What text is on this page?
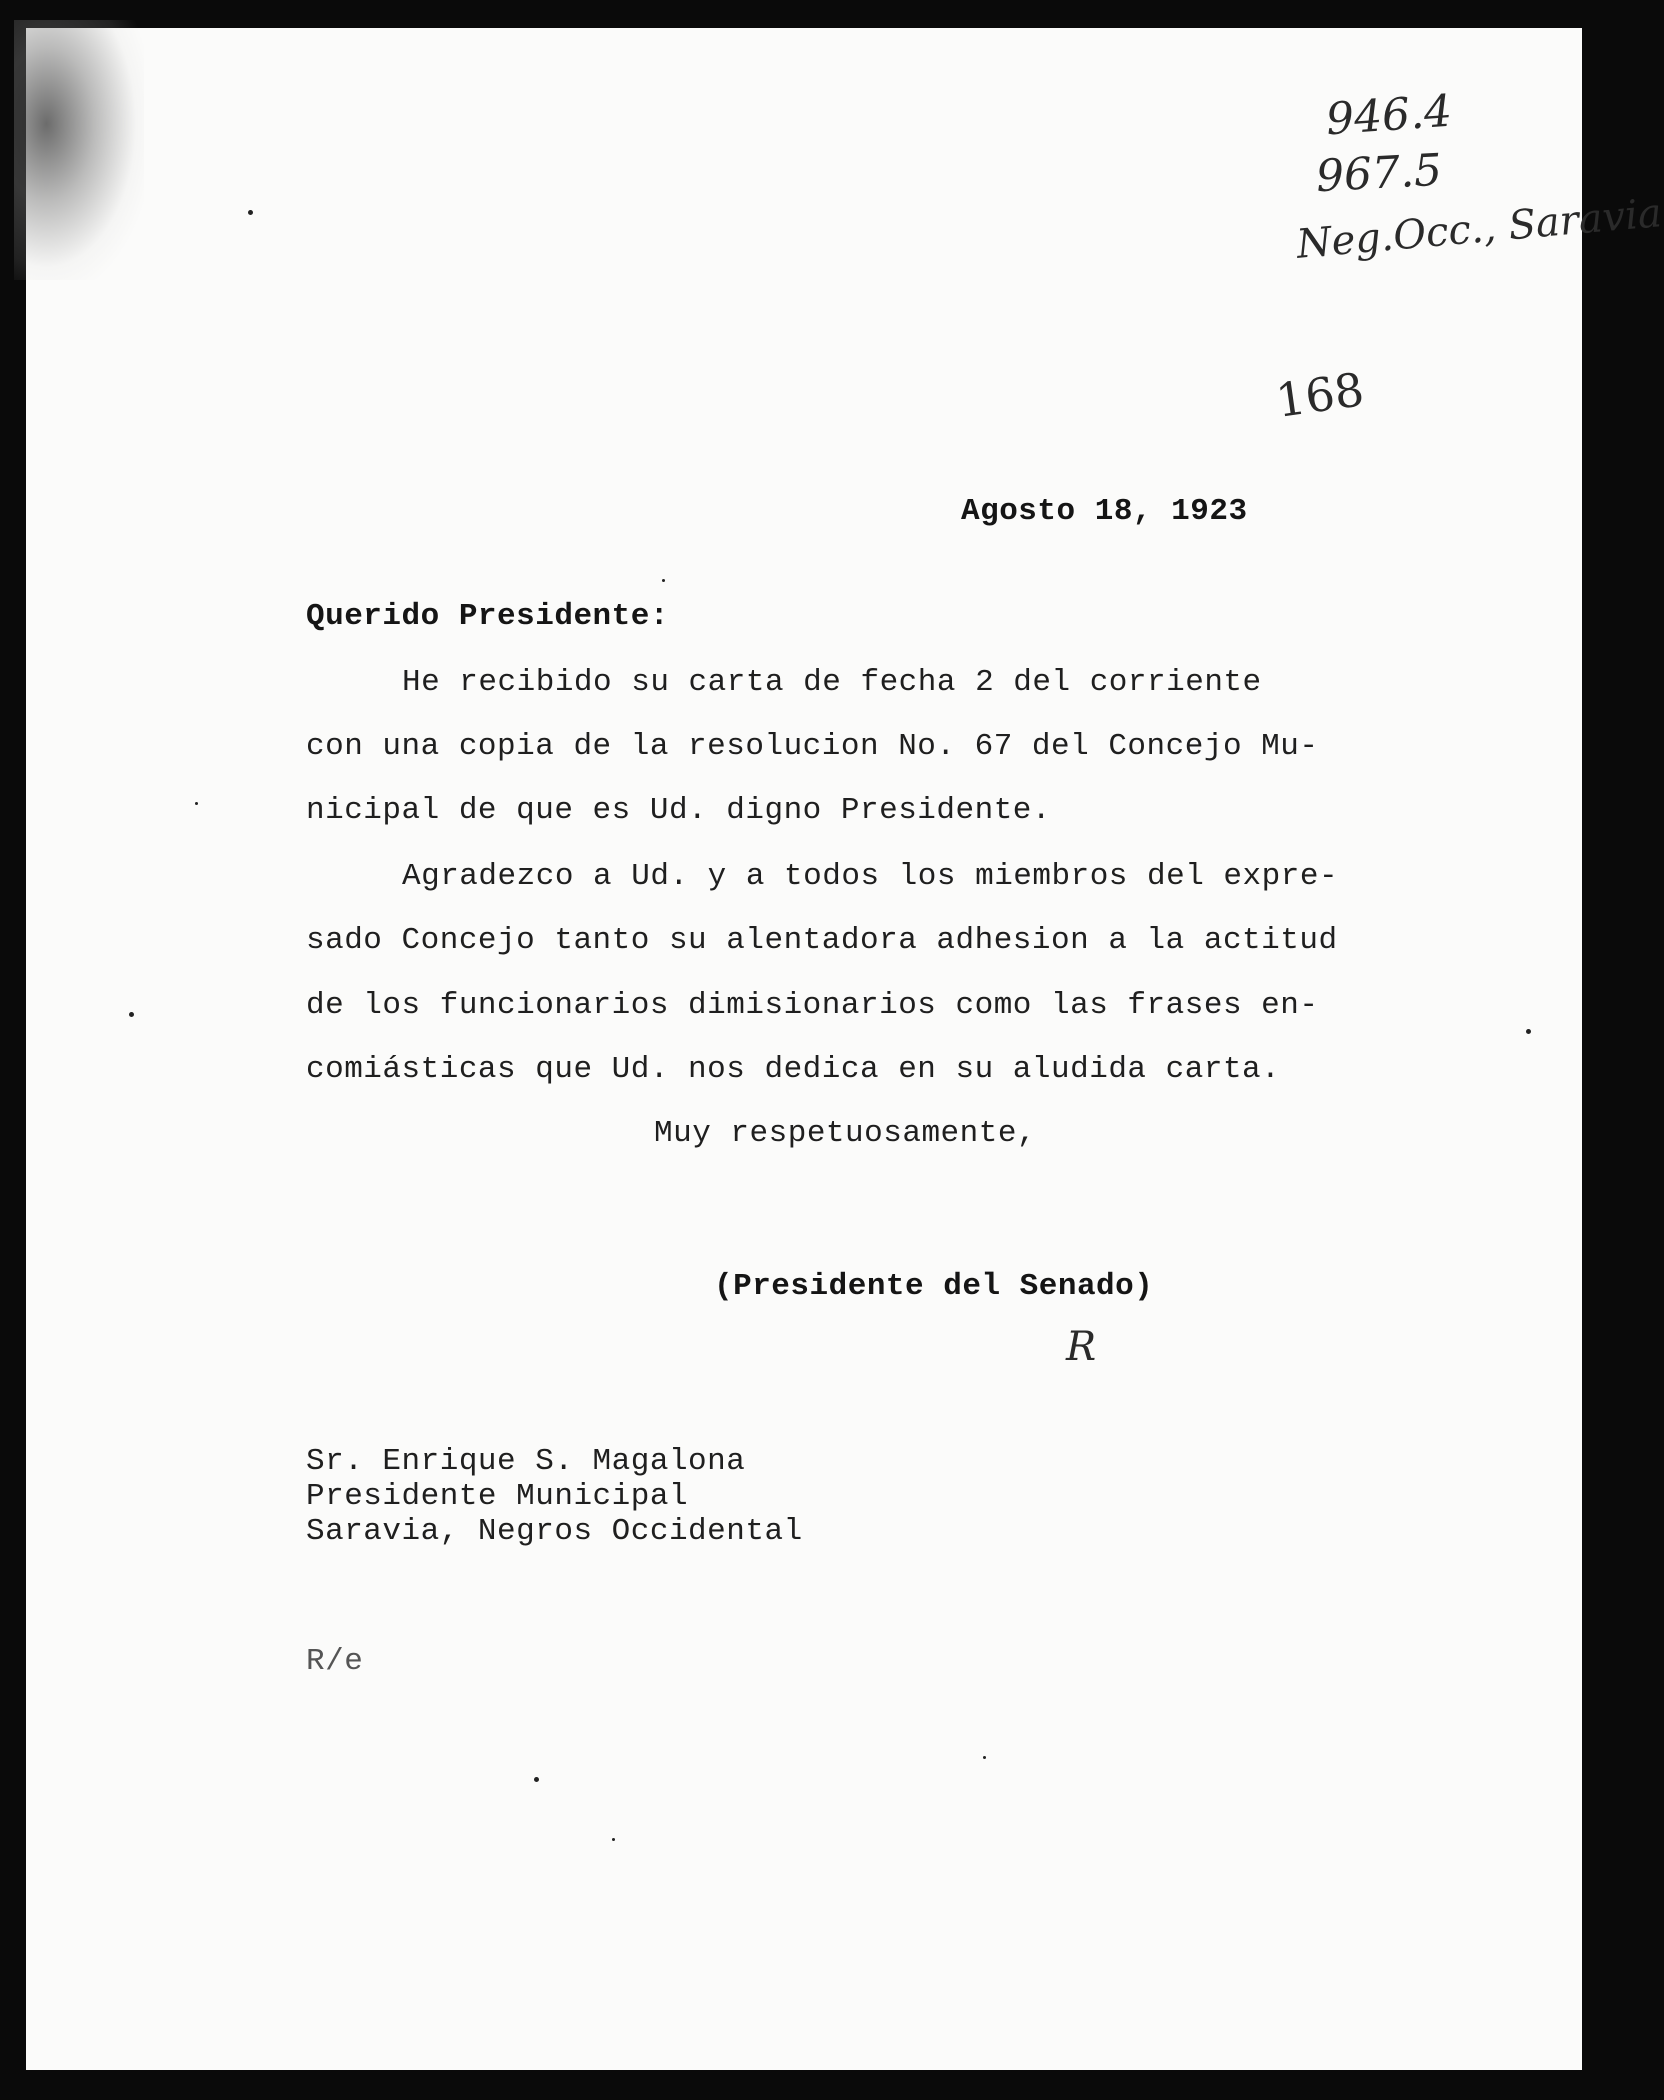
946.4
967.5
Neg.Occ., Saravia
168
Agosto 18, 1923
Querido Presidente:
He recibido su carta de fecha 2 del corriente
con una copia de la resolucion No. 67 del Concejo Mu-
nicipal de que es Ud. digno Presidente.
Agradezco a Ud. y a todos los miembros del expre-
sado Concejo tanto su alentadora adhesion a la actitud
de los funcionarios dimisionarios como las frases en-
comiásticas que Ud. nos dedica en su aludida carta.
Muy respetuosamente,
(Presidente del Senado)
R
Sr. Enrique S. Magalona
Presidente Municipal
Saravia, Negros Occidental
R/e
